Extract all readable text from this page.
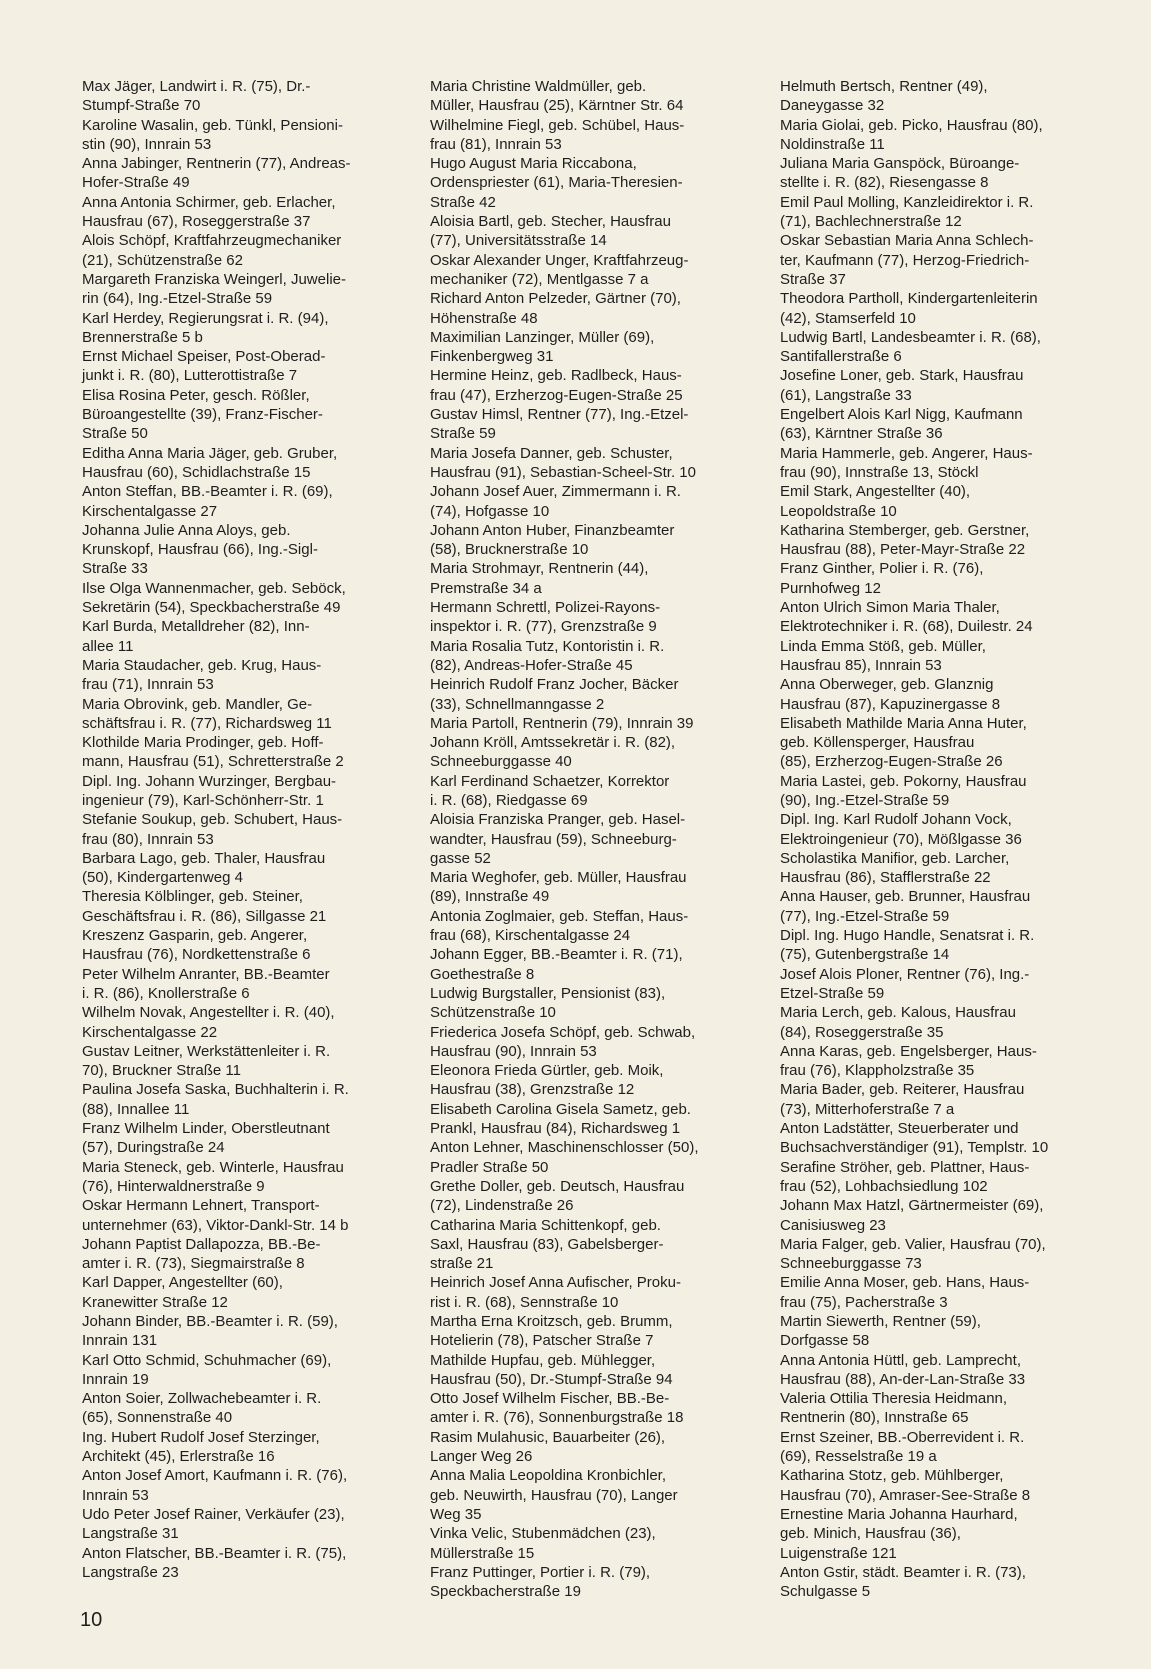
Max Jäger, Landwirt i. R. (75), Dr.-
Stumpf-Straße 70

Karoline Wasalin, geb. Tünkl, Pensioni-
stin (90), Innrain 53

Anna Jabinger, Rentnerin (77), Andreas-
Hofer-Straße 49

Anna Antonia Schirmer, geb. Erlacher,
Hausfrau (67), Roseggerstraße 37

Alois Schöpf, Kraftfahrzeugmechaniker
(21), Schützenstraße 62

Margareth Franziska Weingerl, Juwelie-
rin (64), Ing.-Etzel-Straße 59

Karl Herdey, Regierungsrat i. R. (94),
Brennerstraße 5 b

Ernst Michael Speiser, Post-Oberad-
junkt i. R. (80), Lutterottistraße 7

Elisa Rosina Peter, gesch. Rößler,
Büroangestellte (39), Franz-Fischer-
Straße 50

Editha Anna Maria Jäger, geb. Gruber,
Hausfrau (60), Schidlachstraße 15

Anton Steffan, BB.-Beamter i. R. (69),
Kirschentalgasse 27

Johanna Julie Anna Aloys, geb.
Krunskopf, Hausfrau (66), Ing.-Sigl-
Straße 33

Ilse Olga Wannenmacher, geb. Seböck,
Sekretärin (54), Speckbacherstraße 49

Karl Burda, Metalldreher (82), Inn-
allee 11

Maria Staudacher, geb. Krug, Haus-
frau (71), Innrain 53

Maria Obrovink, geb. Mandler, Ge-
schäftsfrau i. R. (77), Richardsweg 11

Klothilde Maria Prodinger, geb. Hoff-
mann, Hausfrau (51), Schretterstraße 2

Dipl. Ing. Johann Wurzinger, Bergbau-
ingenieur (79), Karl-Schönherr-Str. 1

Stefanie Soukup, geb. Schubert, Haus-
frau (80), Innrain 53

Barbara Lago, geb. Thaler, Hausfrau
(50), Kindergartenweg 4

Theresia Kölblinger, geb. Steiner,
Geschäftsfrau i. R. (86), Sillgasse 21

Kreszenz Gasparin, geb. Angerer,
Hausfrau (76), Nordkettenstraße 6

Peter Wilhelm Anranter, BB.-Beamter
i. R. (86), Knollerstraße 6

Wilhelm Novak, Angestellter i. R. (40),
Kirschentalgasse 22

Gustav Leitner, Werkstättenleiter i. R.
70), Bruckner Straße 11

Paulina Josefa Saska, Buchhalterin i. R.
(88), Innallee 11

Franz Wilhelm Linder, Oberstleutnant
(57), Duringstraße 24

Maria Steneck, geb. Winterle, Hausfrau
(76), Hinterwaldnerstraße 9

Oskar Hermann Lehnert, Transport-
unternehmer (63), Viktor-Dankl-Str. 14 b

Johann Paptist Dallapozza, BB.-Be-
amter i. R. (73), Siegmairstraße 8

Karl Dapper, Angestellter (60),
Kranewitter Straße 12

Johann Binder, BB.-Beamter i. R. (59),
Innrain 131

Karl Otto Schmid, Schuhmacher (69),
Innrain 19

Anton Soier, Zollwachebeamter i. R.
(65), Sonnenstraße 40

Ing. Hubert Rudolf Josef Sterzinger,
Architekt (45), Erlerstraße 16

Anton Josef Amort, Kaufmann i. R. (76),
Innrain 53

Udo Peter Josef Rainer, Verkäufer (23),
Langstraße 31

Anton Flatscher, BB.-Beamter i. R. (75),
Langstraße 23

Maria Christine Waldmüller, geb.
Müller, Hausfrau (25), Kärntner Str. 64

Wilhelmine Fiegl, geb. Schübel, Haus-
frau (81), Innrain 53

Hugo August Maria Riccabona,
Ordenspriester (61), Maria-Theresien-
Straße 42

Aloisia Bartl, geb. Stecher, Hausfrau
(77), Universitätsstraße 14

Oskar Alexander Unger, Kraftfahrzeug-
mechaniker (72), Mentlgasse 7 a

Richard Anton Pelzeder, Gärtner (70),
Höhenstraße 48

Maximilian Lanzinger, Müller (69),
Finkenbergweg 31

Hermine Heinz, geb. Radlbeck, Haus-
frau (47), Erzherzog-Eugen-Straße 25

Gustav Himsl, Rentner (77), Ing.-Etzel-
Straße 59

Maria Josefa Danner, geb. Schuster,
Hausfrau (91), Sebastian-Scheel-Str. 10

Johann Josef Auer, Zimmermann i. R.
(74), Hofgasse 10

Johann Anton Huber, Finanzbeamter
(58), Brucknerstraße 10

Maria Strohmayr, Rentnerin (44),
Premstraße 34 a

Hermann Schrettl, Polizei-Rayons-
inspektor i. R. (77), Grenzstraße 9

Maria Rosalia Tutz, Kontoristin i. R.
(82), Andreas-Hofer-Straße 45

Heinrich Rudolf Franz Jocher, Bäcker
(33), Schnellmanngasse 2

Maria Partoll, Rentnerin (79), Innrain 39

Johann Kröll, Amtssekretär i. R. (82),
Schneeburggasse 40

Karl Ferdinand Schaetzer, Korrektor
i. R. (68), Riedgasse 69

Aloisia Franziska Pranger, geb. Hasel-
wandter, Hausfrau (59), Schneeburg-
gasse 52

Maria Weghofer, geb. Müller, Hausfrau
(89), Innstraße 49

Antonia Zoglmaier, geb. Steffan, Haus-
frau (68), Kirschentalgasse 24

Johann Egger, BB.-Beamter i. R. (71),
Goethestraße 8

Ludwig Burgstaller, Pensionist (83),
Schützenstraße 10

Friederica Josefa Schöpf, geb. Schwab,
Hausfrau (90), Innrain 53

Eleonora Frieda Gürtler, geb. Moik,
Hausfrau (38), Grenzstraße 12

Elisabeth Carolina Gisela Sametz, geb.
Prankl, Hausfrau (84), Richardsweg 1

Anton Lehner, Maschinenschlosser (50),
Pradler Straße 50

Grethe Doller, geb. Deutsch, Hausfrau
(72), Lindenstraße 26

Catharina Maria Schittenkopf, geb.
Saxl, Hausfrau (83), Gabelsberger-
straße 21

Heinrich Josef Anna Aufischer, Proku-
rist i. R. (68), Sennstraße 10

Martha Erna Kroitzsch, geb. Brumm,
Hotelierin (78), Patscher Straße 7

Mathilde Hupfau, geb. Mühlegger,
Hausfrau (50), Dr.-Stumpf-Straße 94

Otto Josef Wilhelm Fischer, BB.-Be-
amter i. R. (76), Sonnenburgstraße 18

Rasim Mulahusic, Bauarbeiter (26),
Langer Weg 26

Anna Malia Leopoldina Kronbichler,
geb. Neuwirth, Hausfrau (70), Langer
Weg 35

Vinka Velic, Stubenmädchen (23),
Müllerstraße 15

Franz Puttinger, Portier i. R. (79),
Speckbacherstraße 19

Helmuth Bertsch, Rentner (49),
Daneygasse 32

Maria Giolai, geb. Picko, Hausfrau (80),
Noldinstraße 11

Juliana Maria Ganspöck, Büroange-
stellte i. R. (82), Riesengasse 8

Emil Paul Molling, Kanzleidirektor i. R.
(71), Bachlechnerstraße 12

Oskar Sebastian Maria Anna Schlech-
ter, Kaufmann (77), Herzog-Friedrich-
Straße 37

Theodora Partholl, Kindergartenleiterin
(42), Stamserfeld 10

Ludwig Bartl, Landesbeamter i. R. (68),
Santifallerstraße 6

Josefine Loner, geb. Stark, Hausfrau
(61), Langstraße 33

Engelbert Alois Karl Nigg, Kaufmann
(63), Kärntner Straße 36

Maria Hammerle, geb. Angerer, Haus-
frau (90), Innstraße 13, Stöckl

Emil Stark, Angestellter (40),
Leopoldstraße 10

Katharina Stemberger, geb. Gerstner,
Hausfrau (88), Peter-Mayr-Straße 22

Franz Ginther, Polier i. R. (76),
Purnhofweg 12

Anton Ulrich Simon Maria Thaler,
Elektrotechniker i. R. (68), Duilestr. 24

Linda Emma Stöß, geb. Müller,
Hausfrau 85), Innrain 53

Anna Oberweger, geb. Glanznig
Hausfrau (87), Kapuzinergasse 8

Elisabeth Mathilde Maria Anna Huter,
geb. Köllensperger, Hausfrau
(85), Erzherzog-Eugen-Straße 26

Maria Lastei, geb. Pokorny, Hausfrau
(90), Ing.-Etzel-Straße 59

Dipl. Ing. Karl Rudolf Johann Vock,
Elektroingenieur (70), Mößlgasse 36

Scholastika Manifior, geb. Larcher,
Hausfrau (86), Stafflerstraße 22

Anna Hauser, geb. Brunner, Hausfrau
(77), Ing.-Etzel-Straße 59

Dipl. Ing. Hugo Handle, Senatsrat i. R.
(75), Gutenbergstraße 14

Josef Alois Ploner, Rentner (76), Ing.-
Etzel-Straße 59

Maria Lerch, geb. Kalous, Hausfrau
(84), Roseggerstraße 35

Anna Karas, geb. Engelsberger, Haus-
frau (76), Klappholzstraße 35

Maria Bader, geb. Reiterer, Hausfrau
(73), Mitterhoferstraße 7 a

Anton Ladstätter, Steuerberater und
Buchsachverständiger (91), Templstr. 10

Serafine Ströher, geb. Plattner, Haus-
frau (52), Lohbachsiedlung 102

Johann Max Hatzl, Gärtnermeister (69),
Canisiusweg 23

Maria Falger, geb. Valier, Hausfrau (70),
Schneeburggasse 73

Emilie Anna Moser, geb. Hans, Haus-
frau (75), Pacherstraße 3

Martin Siewerth, Rentner (59),
Dorfgasse 58

Anna Antonia Hüttl, geb. Lamprecht,
Hausfrau (88), An-der-Lan-Straße 33

Valeria Ottilia Theresia Heidmann,
Rentnerin (80), Innstraße 65

Ernst Szeiner, BB.-Oberrevident i. R.
(69), Resselstraße 19 a

Katharina Stotz, geb. Mühlberger,
Hausfrau (70), Amraser-See-Straße 8

Ernestine Maria Johanna Haurhard,
geb. Minich, Hausfrau (36),
Luigenstraße 121

Anton Gstir, städt. Beamter i. R. (73),
Schulgasse 5

10
